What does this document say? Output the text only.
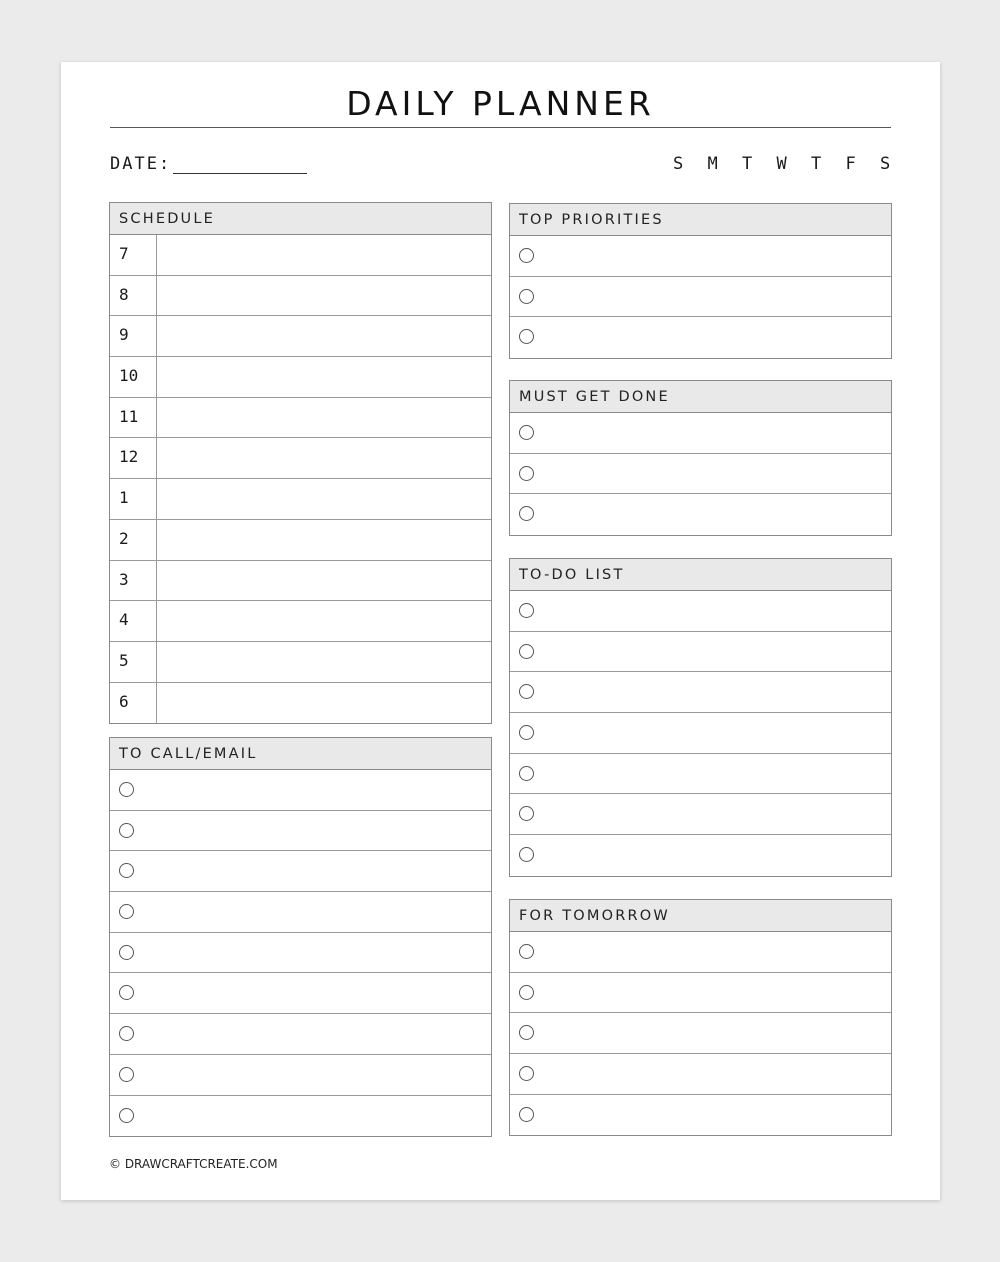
DAILY PLANNER
DATE:	S	M	T	W	T	F	S
SCHEDULE
7
8
9
10
11
12
1
2
3
4
5
6
TO CALL/EMAIL
TOP PRIORITIES
MUST GET DONE
TO-DO LIST
FOR TOMORROW
© DRAWCRAFTCREATE.COM
